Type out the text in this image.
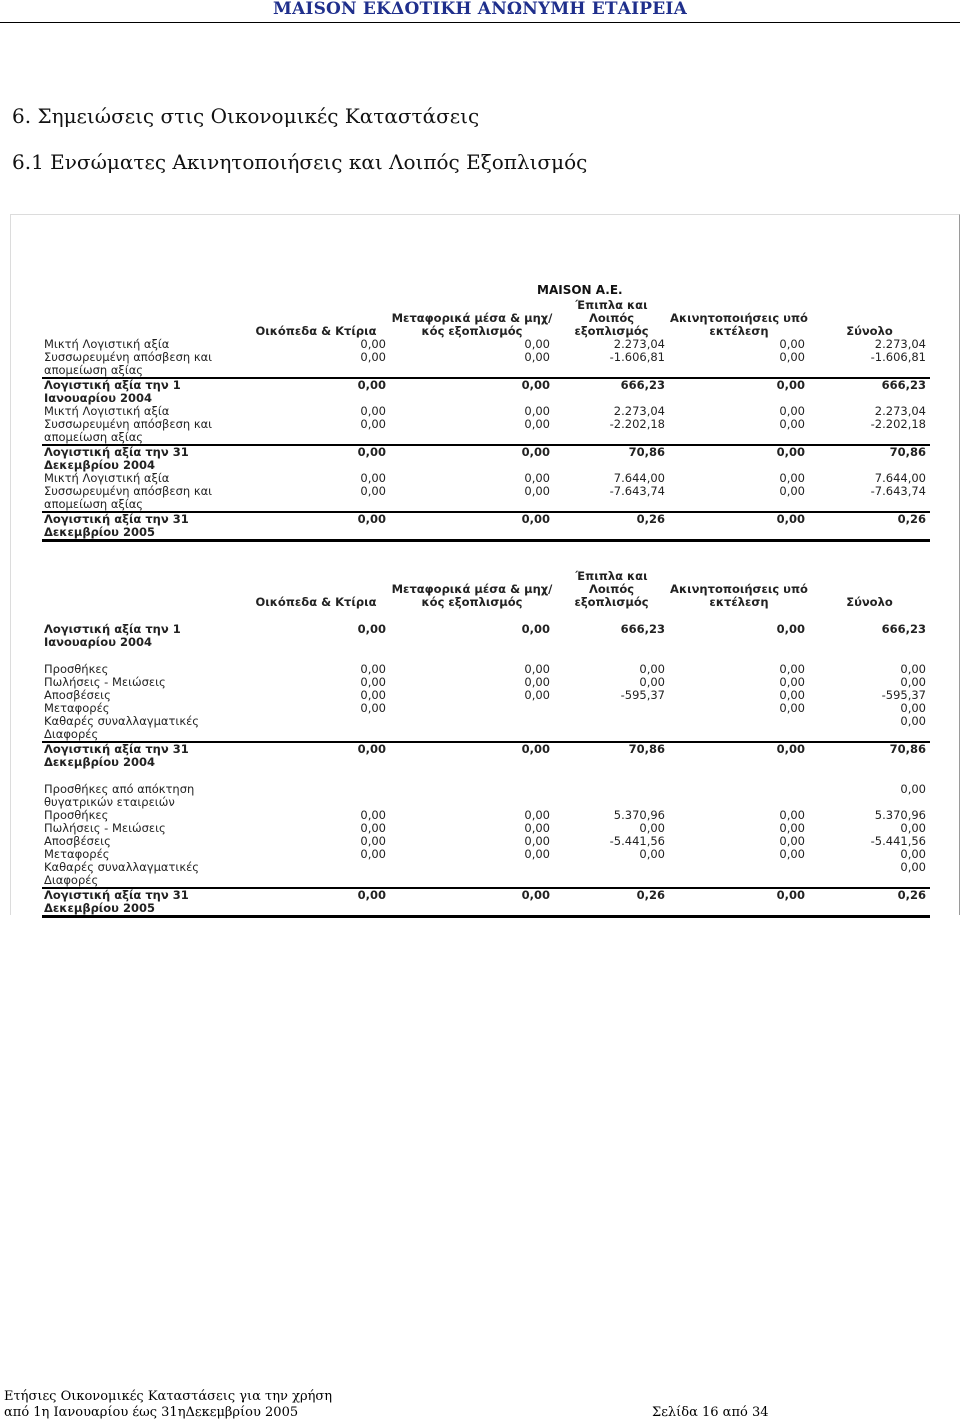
MAISON ΕΚΔΟΤΙΚΗ ΑΝΩΝΥΜΗ ΕΤΑΙΡΕΙΑ
6. Σημειώσεις στις Οικονομικές Καταστάσεις
6.1 Ενσώματες Ακινητοποιήσεις και Λοιπός Εξοπλισμός
MAISON A.E.
	Οικόπεδα & Κτίρια	Μεταφορικά μέσα & μηχ/κός εξοπλισμός	Έπιπλα και Λοιπός εξοπλισμός	Ακινητοποιήσεις υπό εκτέλεση	Σύνολο
Μικτή Λογιστική αξία	0,00	0,00	2.273,04	0,00	2.273,04
Συσσωρευμένη απόσβεση και απομείωση αξίας	0,00	0,00	-1.606,81	0,00	-1.606,81
Λογιστική αξία την 1 Ιανουαρίου 2004	0,00	0,00	666,23	0,00	666,23
Μικτή Λογιστική αξία	0,00	0,00	2.273,04	0,00	2.273,04
Συσσωρευμένη απόσβεση και απομείωση αξίας	0,00	0,00	-2.202,18	0,00	-2.202,18
Λογιστική αξία την 31 Δεκεμβρίου 2004	0,00	0,00	70,86	0,00	70,86
Μικτή Λογιστική αξία	0,00	0,00	7.644,00	0,00	7.644,00
Συσσωρευμένη απόσβεση και απομείωση αξίας	0,00	0,00	-7.643,74	0,00	-7.643,74
Λογιστική αξία την 31 Δεκεμβρίου 2005	0,00	0,00	0,26	0,00	0,26
	Οικόπεδα & Κτίρια	Μεταφορικά μέσα & μηχ/κός εξοπλισμός	Έπιπλα και Λοιπός εξοπλισμός	Ακινητοποιήσεις υπό εκτέλεση	Σύνολο

Λογιστική αξία την 1 Ιανουαρίου 2004	0,00	0,00	666,23	0,00	666,23

Προσθήκες	0,00	0,00	0,00	0,00	0,00
Πωλήσεις - Μειώσεις	0,00	0,00	0,00	0,00	0,00
Αποσβέσεις	0,00	0,00	-595,37	0,00	-595,37
Μεταφορές	0,00			0,00	0,00
Καθαρές συναλλαγματικές Διαφορές					0,00
Λογιστική αξία την 31 Δεκεμβρίου 2004	0,00	0,00	70,86	0,00	70,86

Προσθήκες από απόκτηση θυγατρικών εταιρειών					0,00
Προσθήκες	0,00	0,00	5.370,96	0,00	5.370,96
Πωλήσεις - Μειώσεις	0,00	0,00	0,00	0,00	0,00
Αποσβέσεις	0,00	0,00	-5.441,56	0,00	-5.441,56
Μεταφορές	0,00	0,00	0,00	0,00	0,00
Καθαρές συναλλαγματικές Διαφορές					0,00
Λογιστική αξία την 31 Δεκεμβρίου 2005	0,00	0,00	0,26	0,00	0,26
Ετήσιες Οικονομικές Καταστάσεις για την χρήση
από 1η Ιανουαρίου έως 31ηΔεκεμβρίου 2005	Σελίδα 16 από 34
